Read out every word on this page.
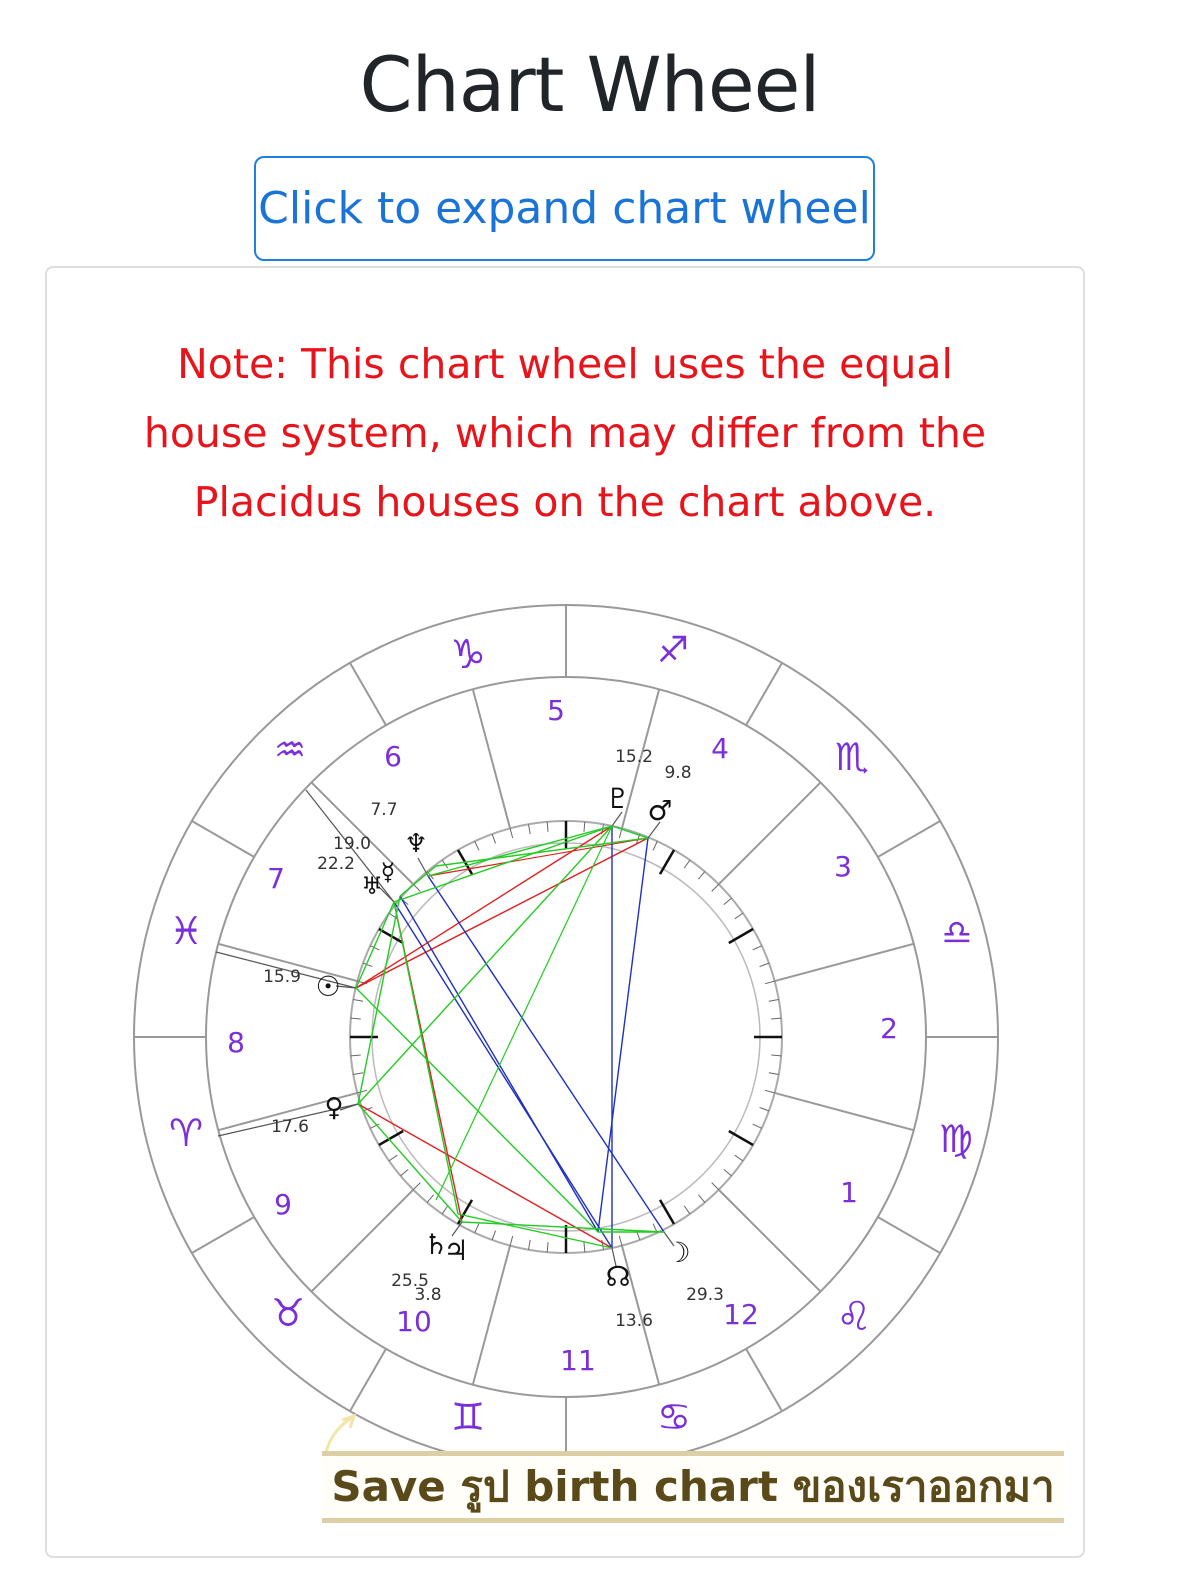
Chart Wheel
Click to expand chart wheel
Note: This chart wheel uses the equal house system, which may differ from the Placidus houses on the chart above.
♑	♐
♏
♎
♍
♌
♋
♊
♉
♈
♓
♒
5
4
3
2
1
12
11
10
9
8
7
6
♇ ♂
♆
☿
♅
☉
♀
♄
♃
☊
☽
15.2
9.8
7.7
19.0
22.2
15.9
17.6
25.5
3.8
13.6
29.3
Save รูป birth chart ของเราออกมา
